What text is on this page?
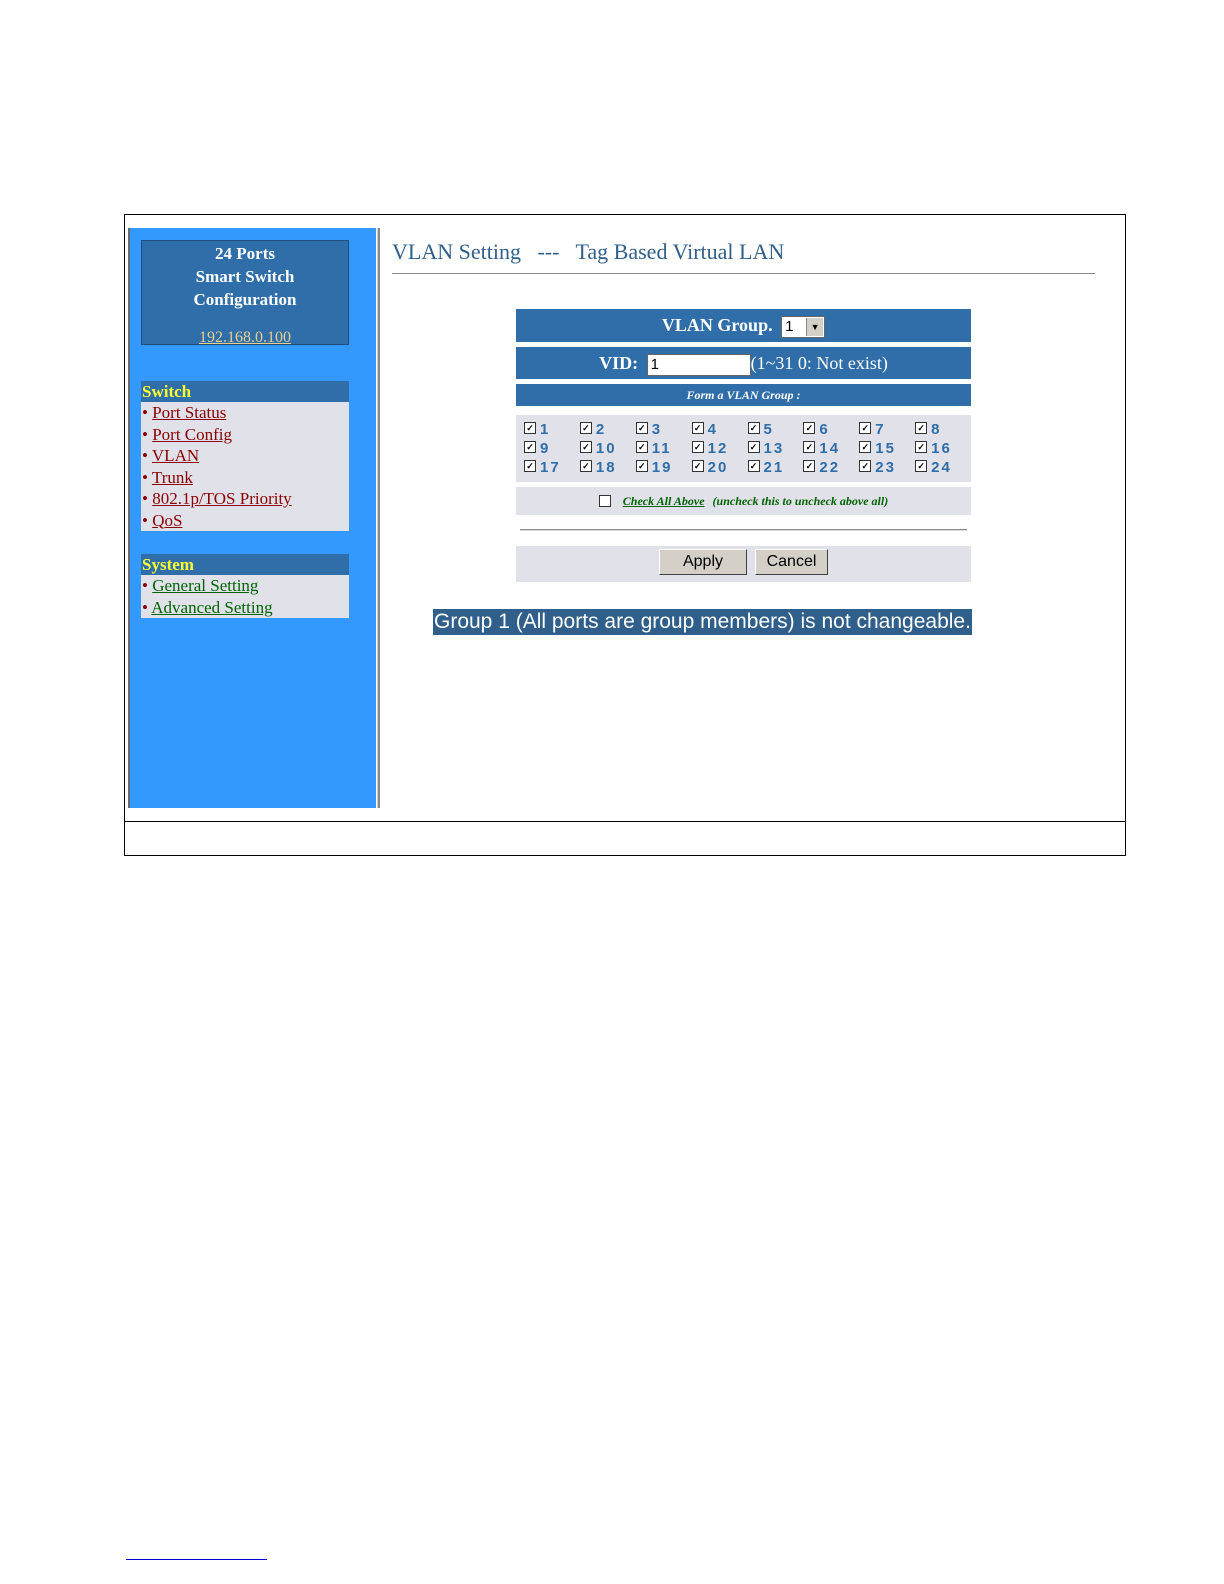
24 Ports
Smart Switch
Configuration
192.168.0.100
Switch
• Port Status
• Port Config
• VLAN
• Trunk
• 802.1p/TOS Priority
• QoS
System
• General Setting
• Advanced Setting
VLAN Setting   ---   Tag Based Virtual LAN
VLAN Group. 1	▼
VID: 1	(1~31 0: Not exist)
Form a VLAN Group :
✓ 1	✓ 2	✓ 3	✓ 4	✓ 5	✓ 6	✓ 7	✓ 8
✓ 9	✓ 10	✓ 11	✓ 12	✓ 13	✓ 14	✓ 15	✓ 16
✓ 17	✓ 18	✓ 19	✓ 20	✓ 21	✓ 22	✓ 23	✓ 24
Check All Above (uncheck this to uncheck above all)
Apply	Cancel
Group 1 (All ports are group members) is not changeable.
